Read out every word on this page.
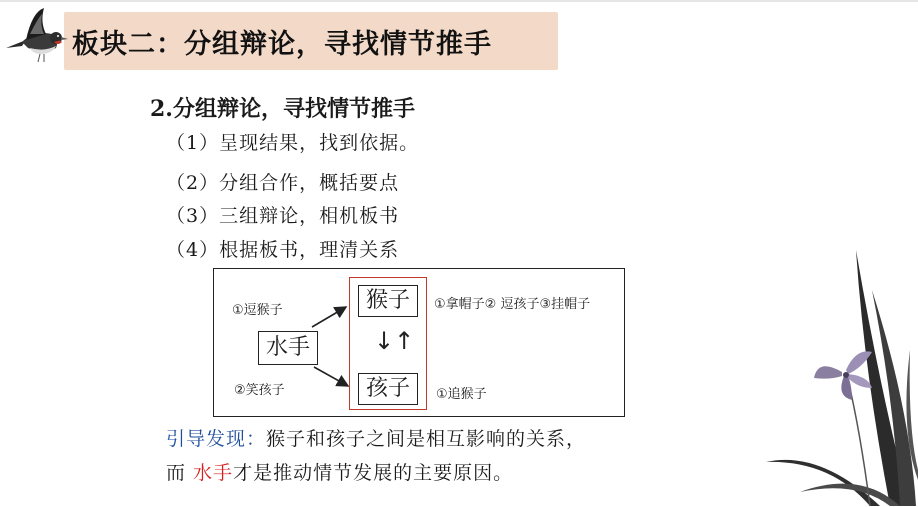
板块二：分组辩论，寻找情节推手
2.分组辩论，寻找情节推手
（1）呈现结果，找到依据。
（2）分组合作，概括要点
（3）三组辩论，相机板书
（4）根据板书，理清关系
水手
猴子
孩子
↓↑
①逗猴子
②笑孩子
①拿帽子② 逗孩子③挂帽子
①追猴子
引导发现：猴子和孩子之间是相互影响的关系，
而 水手才是推动情节发展的主要原因。
